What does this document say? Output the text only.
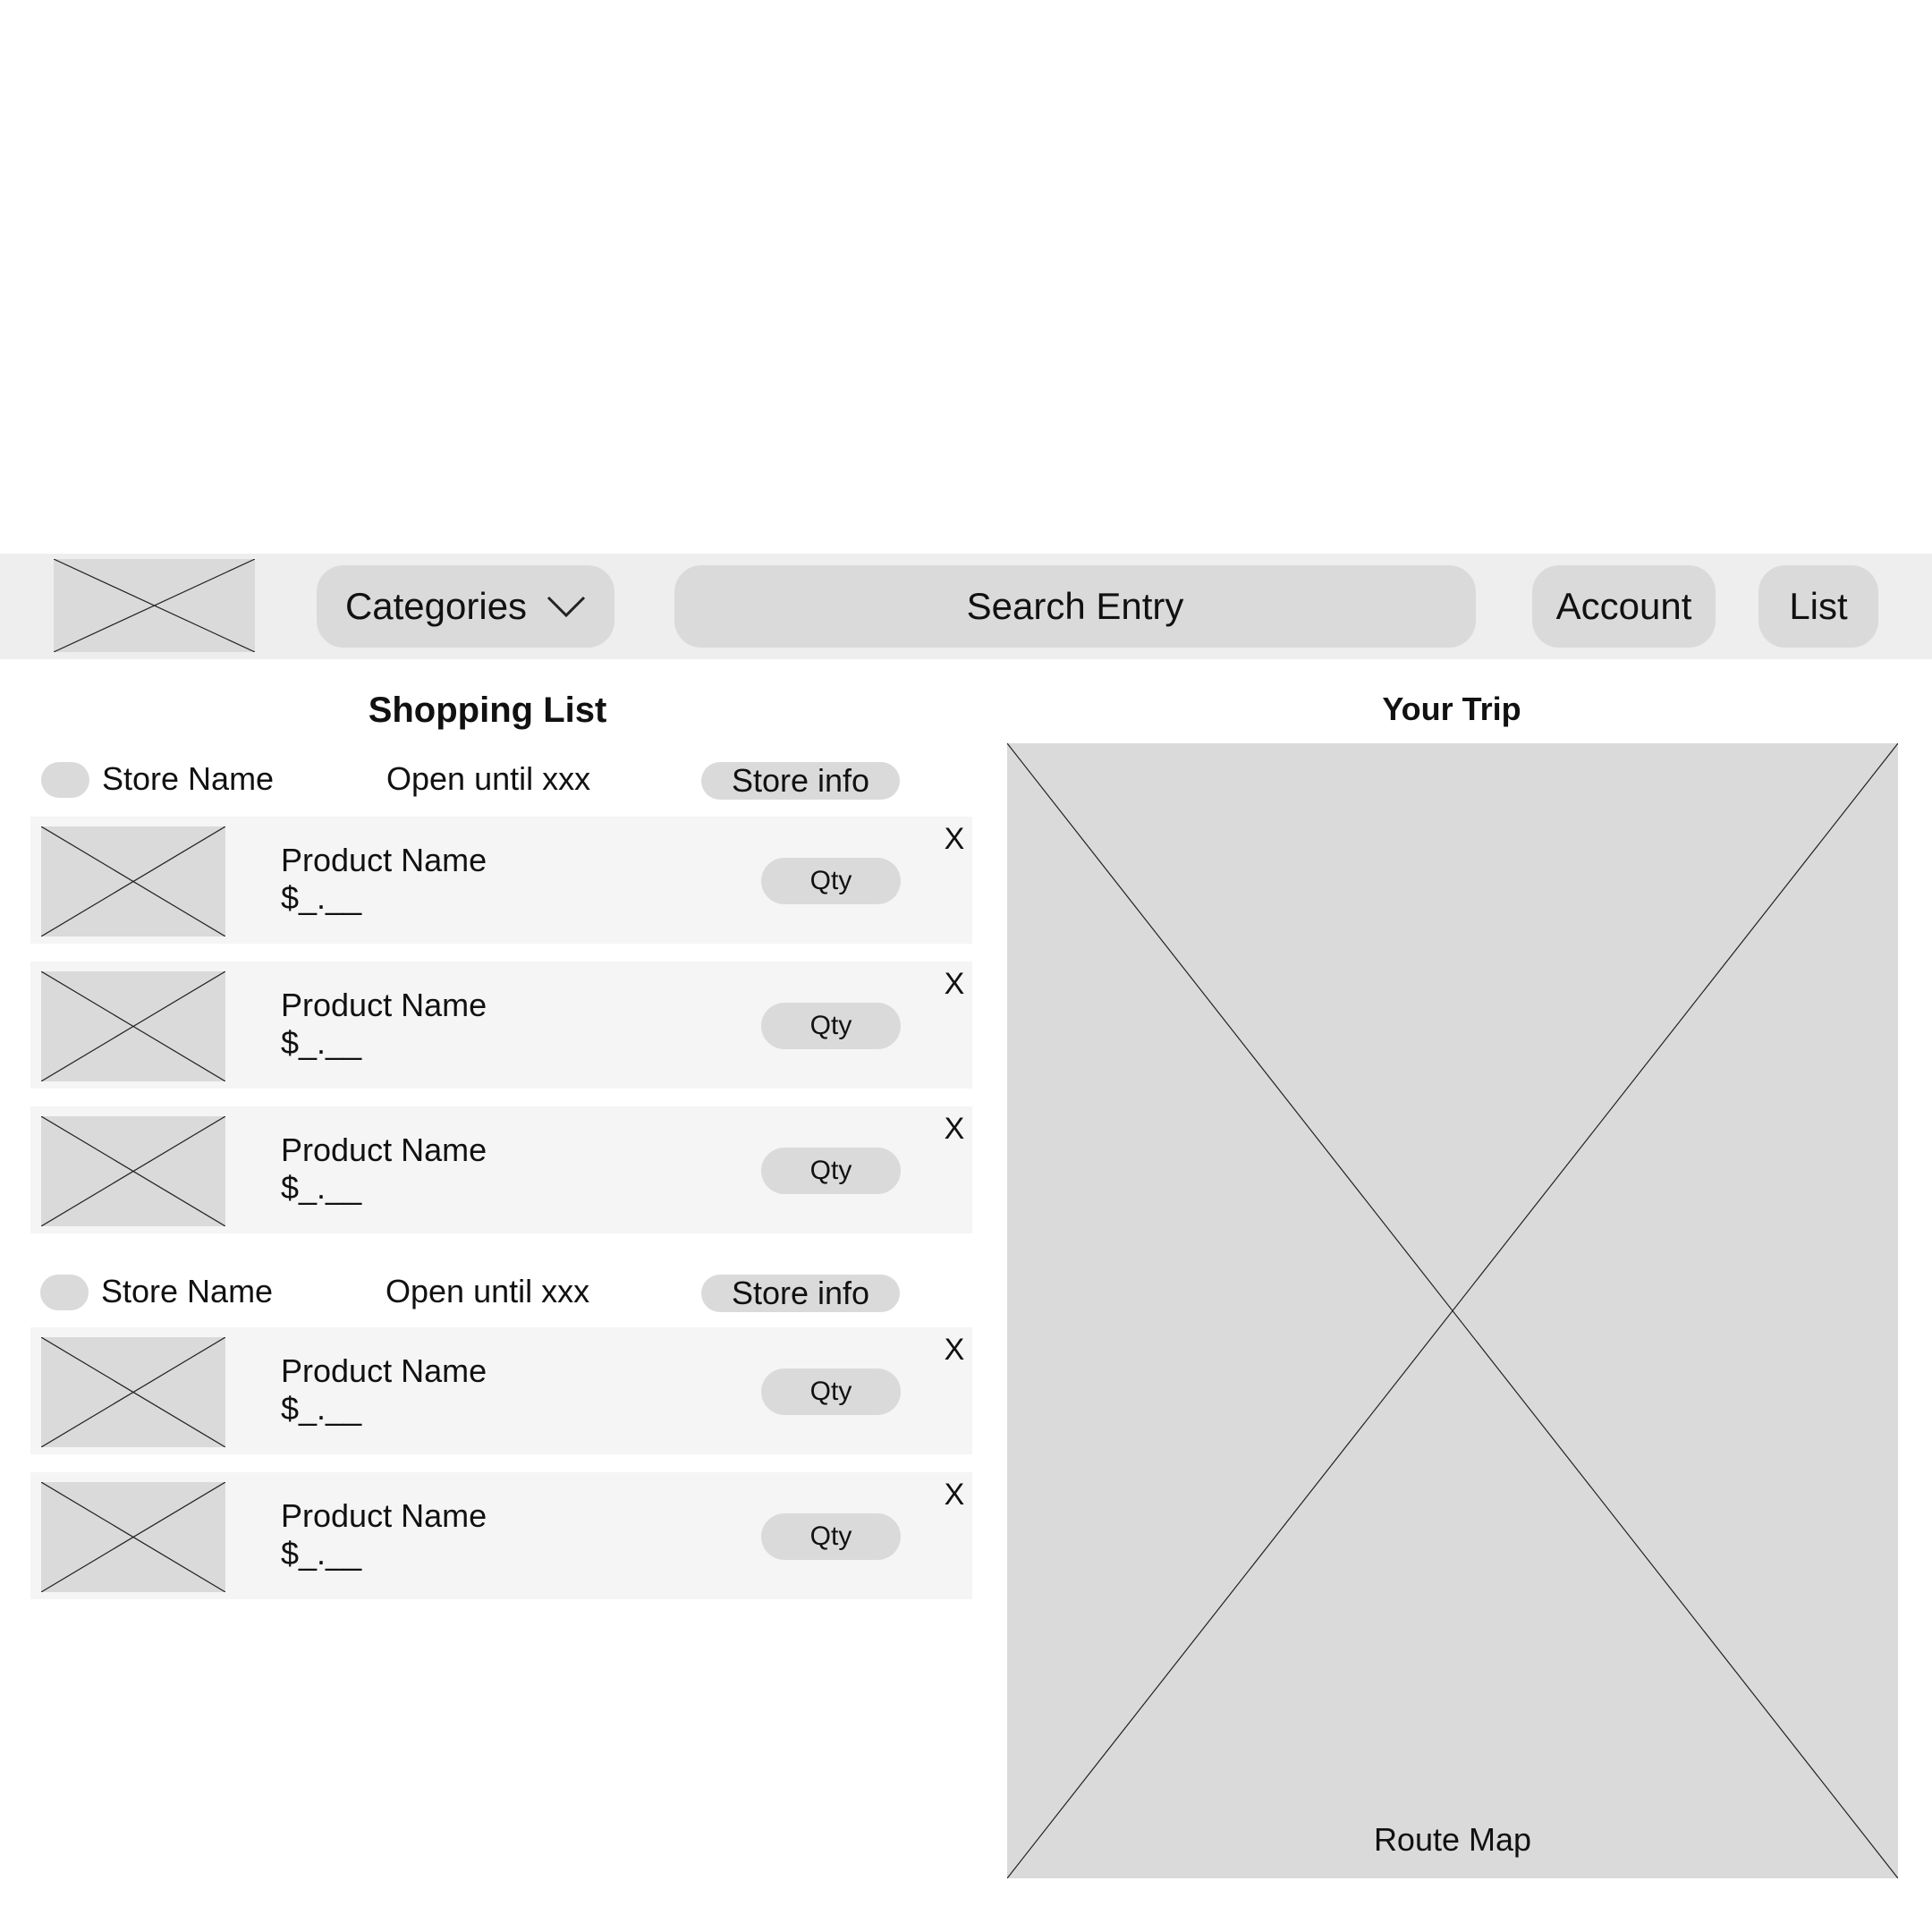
Categories	Search Entry	Account	List
Shopping List	Your Trip
Store Name	Open until xxx	Store info
Product Name
$_.__	Qty
X
Product Name
$_.__	Qty
X
Product Name
$_.__	Qty
X
Store Name	Open until xxx	Store info
Product Name
$_.__	Qty
X
Product Name
$_.__	Qty
X
Route Map
